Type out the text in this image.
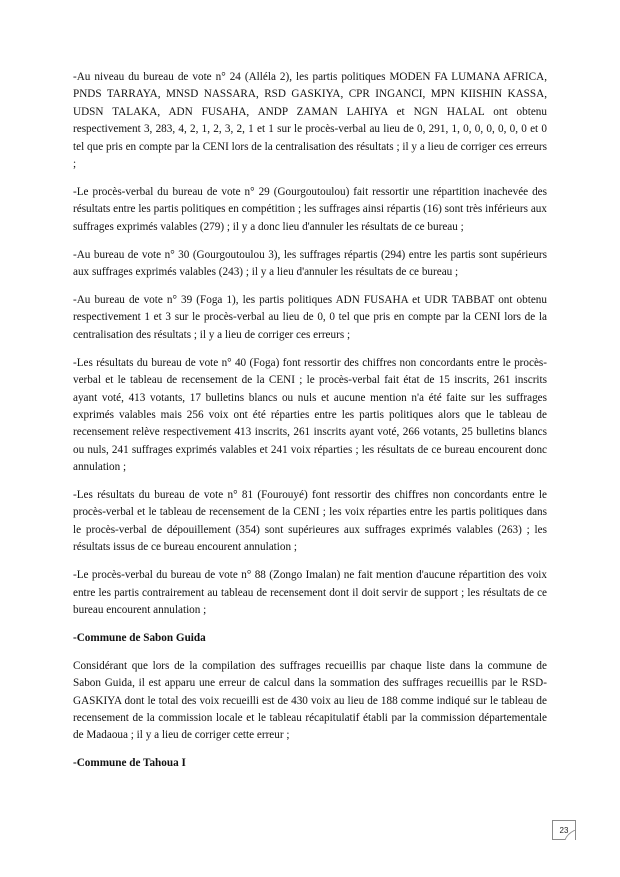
-Au niveau du bureau de vote n° 24 (Alléla 2), les partis politiques MODEN FA LUMANA AFRICA, PNDS TARRAYA, MNSD NASSARA, RSD GASKIYA, CPR INGANCI, MPN KIISHIN KASSA, UDSN TALAKA, ADN FUSAHA, ANDP ZAMAN LAHIYA et NGN HALAL ont obtenu respectivement 3, 283, 4, 2, 1, 2, 3, 2, 1 et 1 sur le procès-verbal au lieu de 0, 291, 1, 0, 0, 0, 0, 0, 0 et 0 tel que pris en compte par la CENI lors de la centralisation des résultats ; il y a lieu de corriger ces erreurs ;

-Le procès-verbal du bureau de vote n° 29 (Gourgoutoulou) fait ressortir une répartition inachevée des résultats entre les partis politiques en compétition ; les suffrages ainsi répartis (16) sont très inférieurs aux suffrages exprimés valables (279) ; il y a donc lieu d'annuler les résultats de ce bureau ;

-Au bureau de vote n° 30 (Gourgoutoulou 3), les suffrages répartis (294) entre les partis sont supérieurs aux suffrages exprimés valables (243) ; il y a lieu d'annuler les résultats de ce bureau ;

-Au bureau de vote n° 39 (Foga 1), les partis politiques ADN FUSAHA et UDR TABBAT ont obtenu respectivement 1 et 3 sur le procès-verbal au lieu de 0, 0 tel que pris en compte par la CENI lors de la centralisation des résultats ; il y a lieu de corriger ces erreurs ;

-Les résultats du bureau de vote n° 40 (Foga) font ressortir des chiffres non concordants entre le procès-verbal et le tableau de recensement de la CENI ; le procès-verbal fait état de 15 inscrits, 261 inscrits ayant voté, 413 votants, 17 bulletins blancs ou nuls et aucune mention n'a été faite sur les suffrages exprimés valables mais 256 voix ont été réparties entre les partis politiques alors que le tableau de recensement relève respectivement 413 inscrits, 261 inscrits ayant voté, 266 votants, 25 bulletins blancs ou nuls, 241 suffrages exprimés valables et 241 voix réparties ; les résultats de ce bureau encourent donc annulation ;

-Les résultats du bureau de vote n° 81 (Fourouyé) font ressortir des chiffres non concordants entre le procès-verbal et le tableau de recensement de la CENI ; les voix réparties entre les partis politiques dans le procès-verbal de dépouillement (354) sont supérieures aux suffrages exprimés valables (263) ; les résultats issus de ce bureau encourent annulation ;

-Le procès-verbal du bureau de vote n° 88 (Zongo Imalan) ne fait mention d'aucune répartition des voix entre les partis contrairement au tableau de recensement dont il doit servir de support ; les résultats de ce bureau encourent annulation ;

-Commune de Sabon Guida

Considérant que lors de la compilation des suffrages recueillis par chaque liste dans la commune de Sabon Guida, il est apparu une erreur de calcul dans la sommation des suffrages recueillis par le RSD-GASKIYA dont le total des voix recueilli est de 430 voix au lieu de 188 comme indiqué sur le tableau de recensement de la commission locale et le tableau récapitulatif établi par la commission départementale de Madaoua ; il y a lieu de corriger cette erreur ;

-Commune de Tahoua I

23
